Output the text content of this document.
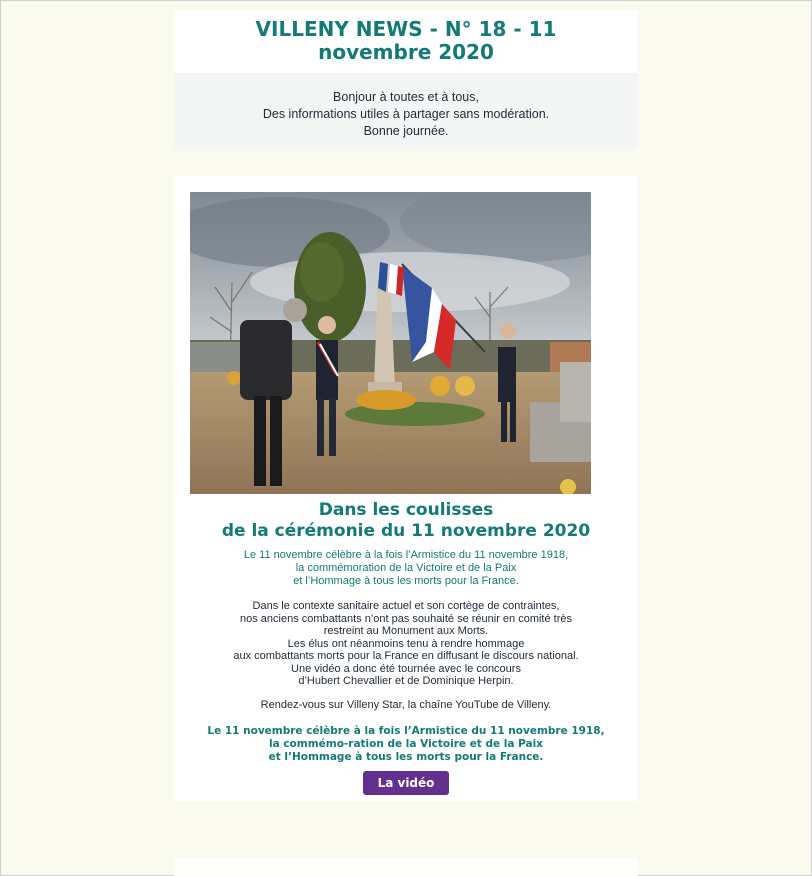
VILLENY NEWS - N° 18 - 11
novembre 2020
Bonjour à toutes et à tous,
Des informations utiles à partager sans modération.
Bonne journée.
Dans les coulisses
de la cérémonie du 11 novembre 2020
Le 11 novembre célèbre à la fois l’Armistice du 11 novembre 1918,
la commémoration de la Victoire et de la Paix
et l’Hommage à tous les morts pour la France.
Dans le contexte sanitaire actuel et son cortège de contraintes,
nos anciens combattants n’ont pas souhaité se réunir en comité très
restreint au Monument aux Morts.
Les élus ont néanmoins tenu à rendre hommage
aux combattants morts pour la France en diffusant le discours national.
Une vidéo a donc été tournée avec le concours
d’Hubert Chevallier et de Dominique Herpin.
Rendez-vous sur Villeny Star, la chaîne YouTube de Villeny.
Le 11 novembre célèbre à la fois l’Armistice du 11 novembre 1918,
la commémo-ration de la Victoire et de la Paix
et l’Hommage à tous les morts pour la France.
La vidéo
